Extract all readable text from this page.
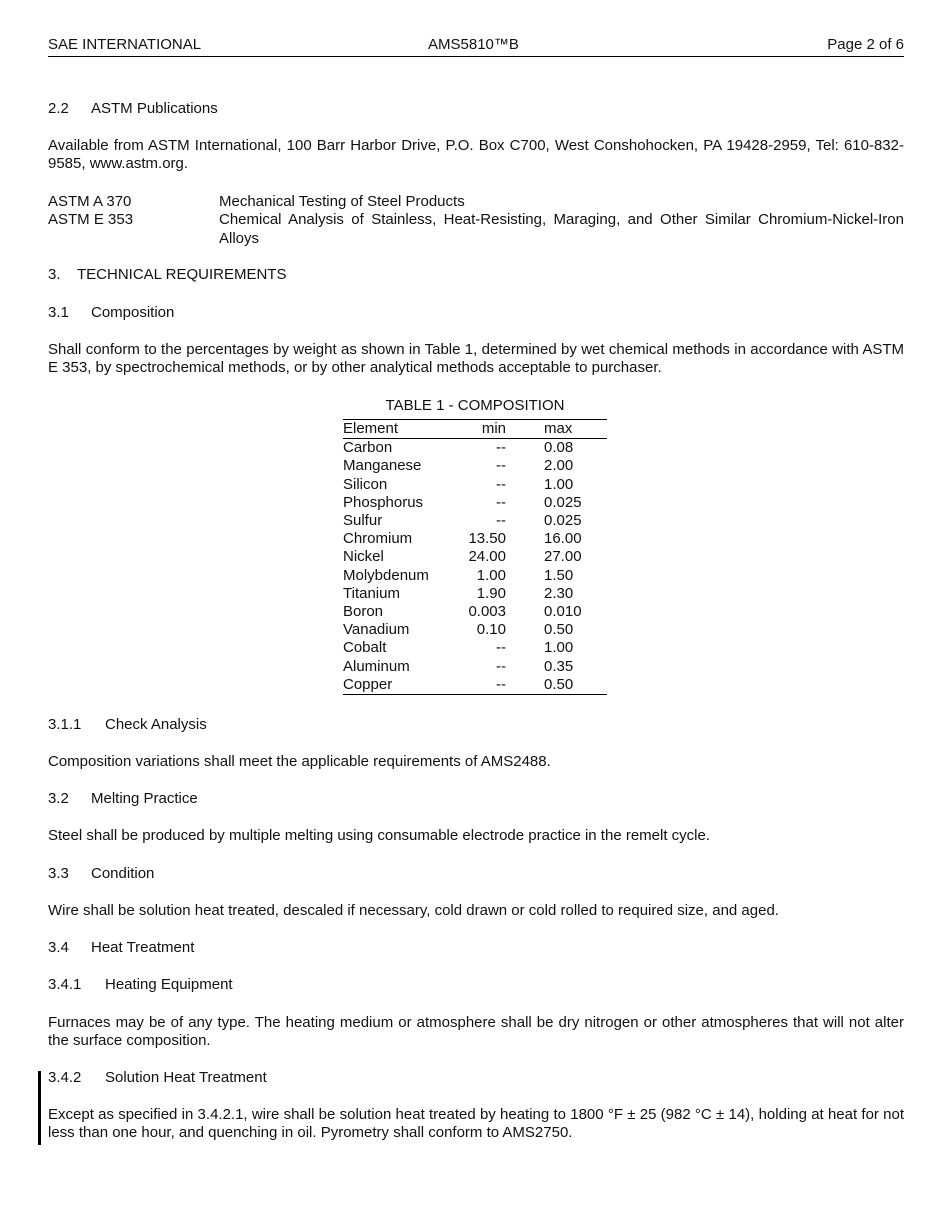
SAE INTERNATIONAL	AMS5810™B	Page 2 of 6
2.2 ASTM Publications
Available from ASTM International, 100 Barr Harbor Drive, P.O. Box C700, West Conshohocken, PA 19428-2959, Tel: 610-832-9585, www.astm.org.
ASTM A 370	Mechanical Testing of Steel Products
ASTM E 353	Chemical Analysis of Stainless, Heat-Resisting, Maraging, and Other Similar Chromium-Nickel-Iron Alloys
3. TECHNICAL REQUIREMENTS
3.1 Composition
Shall conform to the percentages by weight as shown in Table 1, determined by wet chemical methods in accordance with ASTM E 353, by spectrochemical methods, or by other analytical methods acceptable to purchaser.
TABLE 1 - COMPOSITION
Element	min		max
Carbon	--		0.08
Manganese	--		2.00
Silicon	--		1.00
Phosphorus	--		0.025
Sulfur	--		0.025
Chromium	13.50		16.00
Nickel	24.00		27.00
Molybdenum	1.00		1.50
Titanium	1.90		2.30
Boron	0.003		0.010
Vanadium	0.10		0.50
Cobalt	--		1.00
Aluminum	--		0.35
Copper	--		0.50
3.1.1 Check Analysis
Composition variations shall meet the applicable requirements of AMS2488.
3.2 Melting Practice
Steel shall be produced by multiple melting using consumable electrode practice in the remelt cycle.
3.3 Condition
Wire shall be solution heat treated, descaled if necessary, cold drawn or cold rolled to required size, and aged.
3.4 Heat Treatment
3.4.1 Heating Equipment
Furnaces may be of any type. The heating medium or atmosphere shall be dry nitrogen or other atmospheres that will not alter the surface composition.
3.4.2 Solution Heat Treatment
Except as specified in 3.4.2.1, wire shall be solution heat treated by heating to 1800 °F ± 25 (982 °C ± 14), holding at heat for not less than one hour, and quenching in oil. Pyrometry shall conform to AMS2750.
